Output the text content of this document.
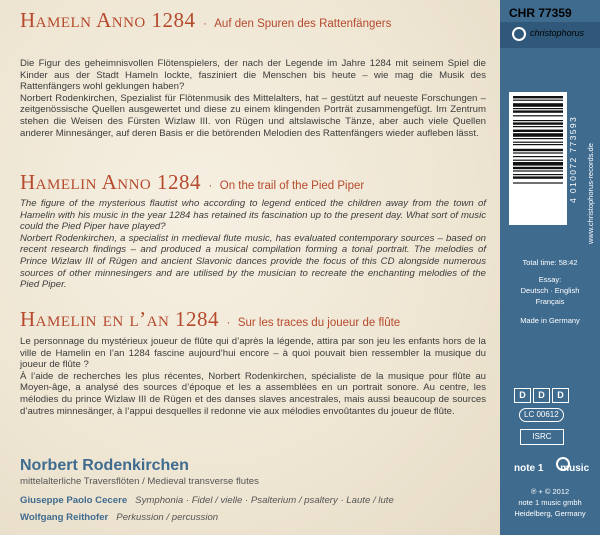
Hameln Anno 1284 · Auf den Spuren des Rattenfängers

Die Figur des geheimnisvollen Flötenspielers, der nach der Legende im Jahre 1284 mit seinem Spiel die Kinder aus der Stadt Hameln lockte, fasziniert die Menschen bis heute – wie mag die Musik des Rattenfängers wohl geklungen haben?

Norbert Rodenkirchen, Spezialist für Flötenmusik des Mittelalters, hat – gestützt auf neueste Forschungen – zeitgenössische Quellen ausgewertet und diese zu einem klingenden Porträt zusammengefügt. Im Zentrum stehen die Weisen des Fürsten Wizlaw III. von Rügen und altslawische Tänze, aber auch viele Quellen anderer Minnesänger, auf deren Basis er die betörenden Melodien des Rattenfängers wieder aufleben lässt.

Hamelin Anno 1284 · On the trail of the Pied Piper

The figure of the mysterious flautist who according to legend enticed the children away from the town of Hamelin with his music in the year 1284 has retained its fascination up to the present day. What sort of music could the Pied Piper have played?

Norbert Rodenkirchen, a specialist in medieval flute music, has evaluated contemporary sources – based on recent research findings – and produced a musical compilation forming a tonal portrait. The melodies of Prince Wizlaw III of Rügen and ancient Slavonic dances provide the focus of this CD alongside numerous sources of other minnesingers and are utilised by the musician to recreate the enchanting melodies of the Pied Piper.

Hamelin en l’an 1284 · Sur les traces du joueur de flûte

Le personnage du mystérieux joueur de flûte qui d’après la légende, attira par son jeu les enfants hors de la ville de Hamelin en l’an 1284 fascine aujourd’hui encore – à quoi pouvait bien ressembler la musique du joueur de flûte ?

À l’aide de recherches les plus récentes, Norbert Rodenkirchen, spécialiste de la musique pour flûte au Moyen-âge, a analysé des sources d’époque et les a assemblées en un portrait sonore. Au centre, les mélodies du prince Wizlaw III de Rügen et des danses slaves ancestrales, mais aussi beaucoup de sources d’autres minnesänger, à l’appui desquelles il redonne vie aux mélodies envoûtantes du joueur de flûte.

Norbert Rodenkirchen
mittelalterliche Traversflöten / Medieval transverse flutes
Giuseppe Paolo Cecere Symphonia · Fidel / vielle · Psalterium / psaltery · Laute / lute
Wolfgang Reithofer Perkussion / percussion
CHR 77359
christophorus
4 010072 773593 www.christophorus-records.de
Total time: 58:42
Essay:
Deutsch · English
Français
Made in Germany
D	D	D
LC 00612
ISRC
note 1 music
℗ + © 2012
note 1 music gmbh
Heidelberg, Germany
